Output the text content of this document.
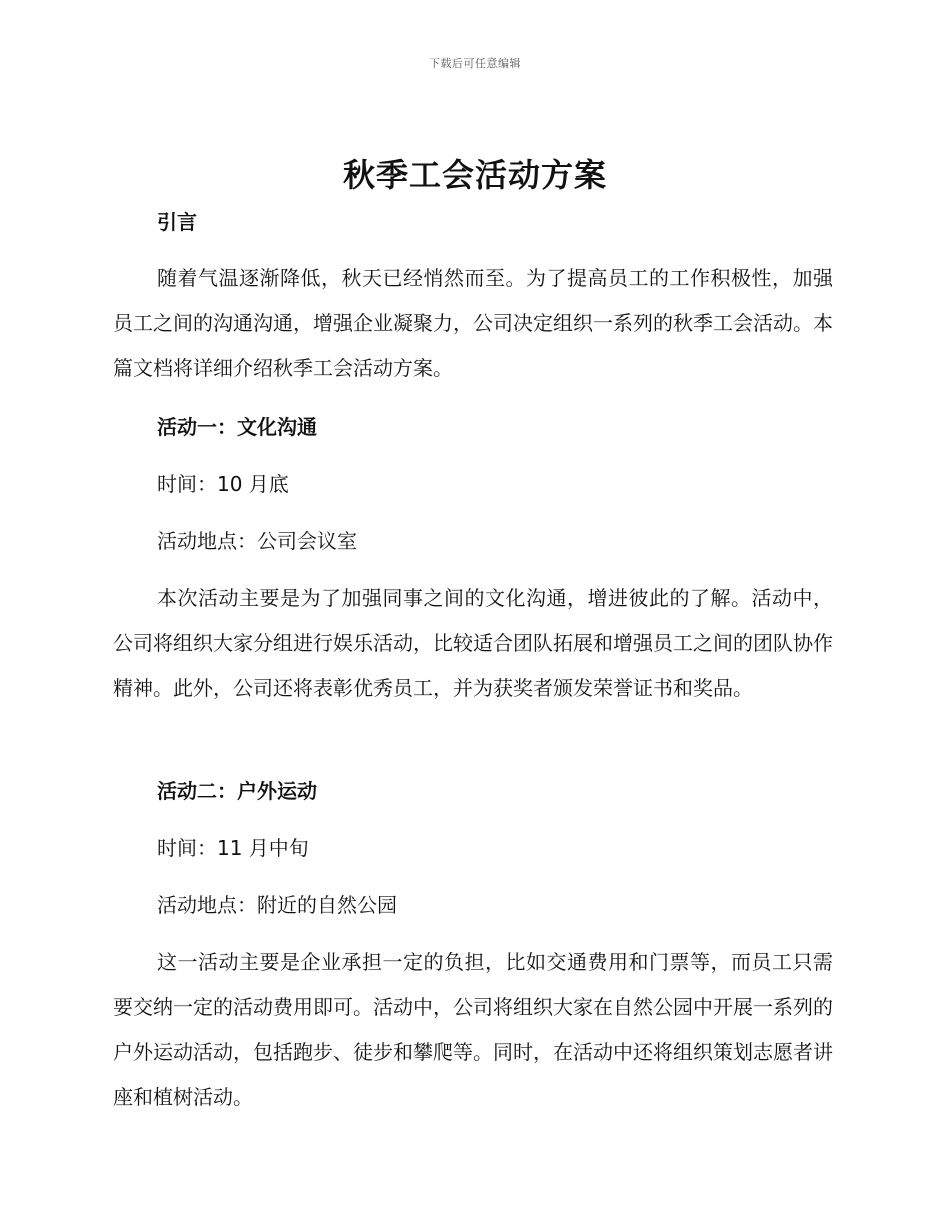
下载后可任意编辑
秋季工会活动方案
引言

随着气温逐渐降低，秋天已经悄然而至。为了提高员工的工作积极性，加强员工之间的沟通沟通，增强企业凝聚力，公司决定组织一系列的秋季工会活动。本篇文档将详细介绍秋季工会活动方案。

活动一：文化沟通
时间：10 月底
活动地点：公司会议室

本次活动主要是为了加强同事之间的文化沟通，增进彼此的了解。活动中，公司将组织大家分组进行娱乐活动，比较适合团队拓展和增强员工之间的团队协作精神。此外，公司还将表彰优秀员工，并为获奖者颁发荣誉证书和奖品。

活动二：户外运动
时间：11 月中旬
活动地点：附近的自然公园

这一活动主要是企业承担一定的负担，比如交通费用和门票等，而员工只需要交纳一定的活动费用即可。活动中，公司将组织大家在自然公园中开展一系列的户外运动活动，包括跑步、徒步和攀爬等。同时，在活动中还将组织策划志愿者讲座和植树活动。
